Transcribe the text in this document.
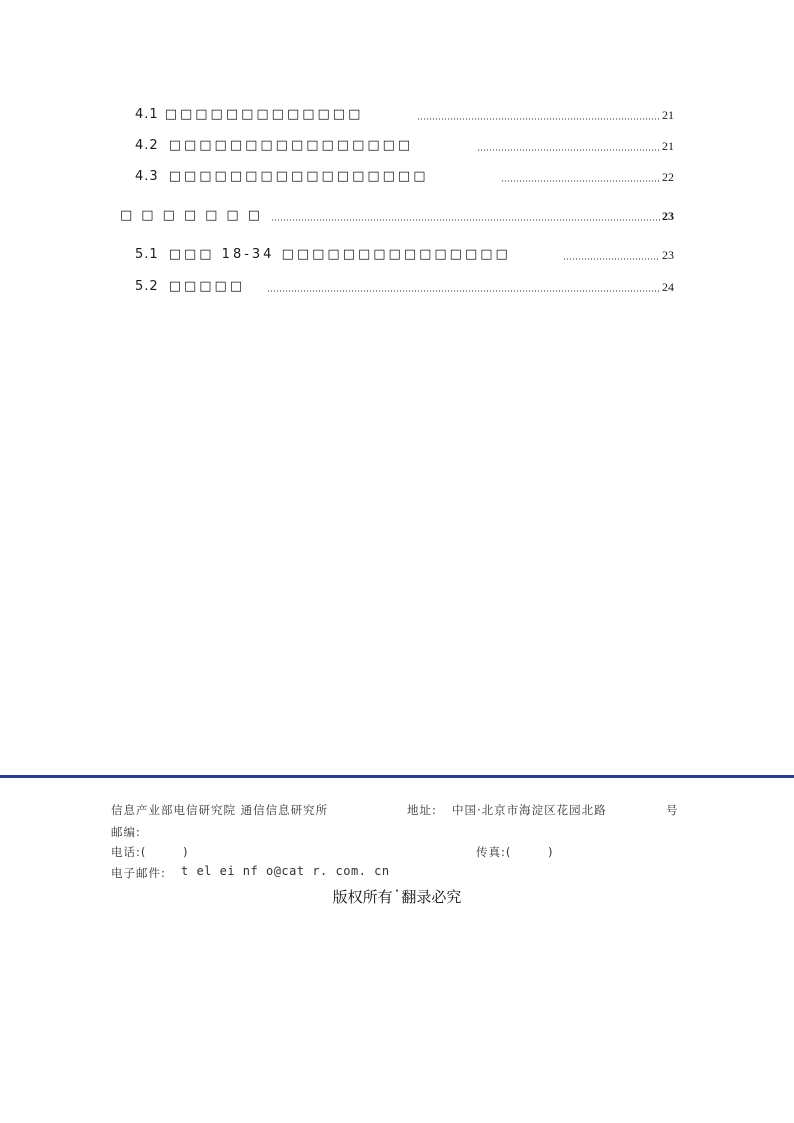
4.1 □□□□□□□□□□□□□	21
4.2 □□□□□□□□□□□□□□□□	21
4.3 □□□□□□□□□□□□□□□□□	22
□□□□□□□	23
5.1 □□□ 18-34 □□□□□□□□□□□□□□□	23
5.2 □□□□□	24
信息产业部电信研究院 通信信息研究所	地址: 中国·北京市海淀区花园北路	号
邮编:
电话:(	)	传真:(	)
电子邮件: t el ei nf o@cat r. com. cn
版权所有 · 翻录必究
